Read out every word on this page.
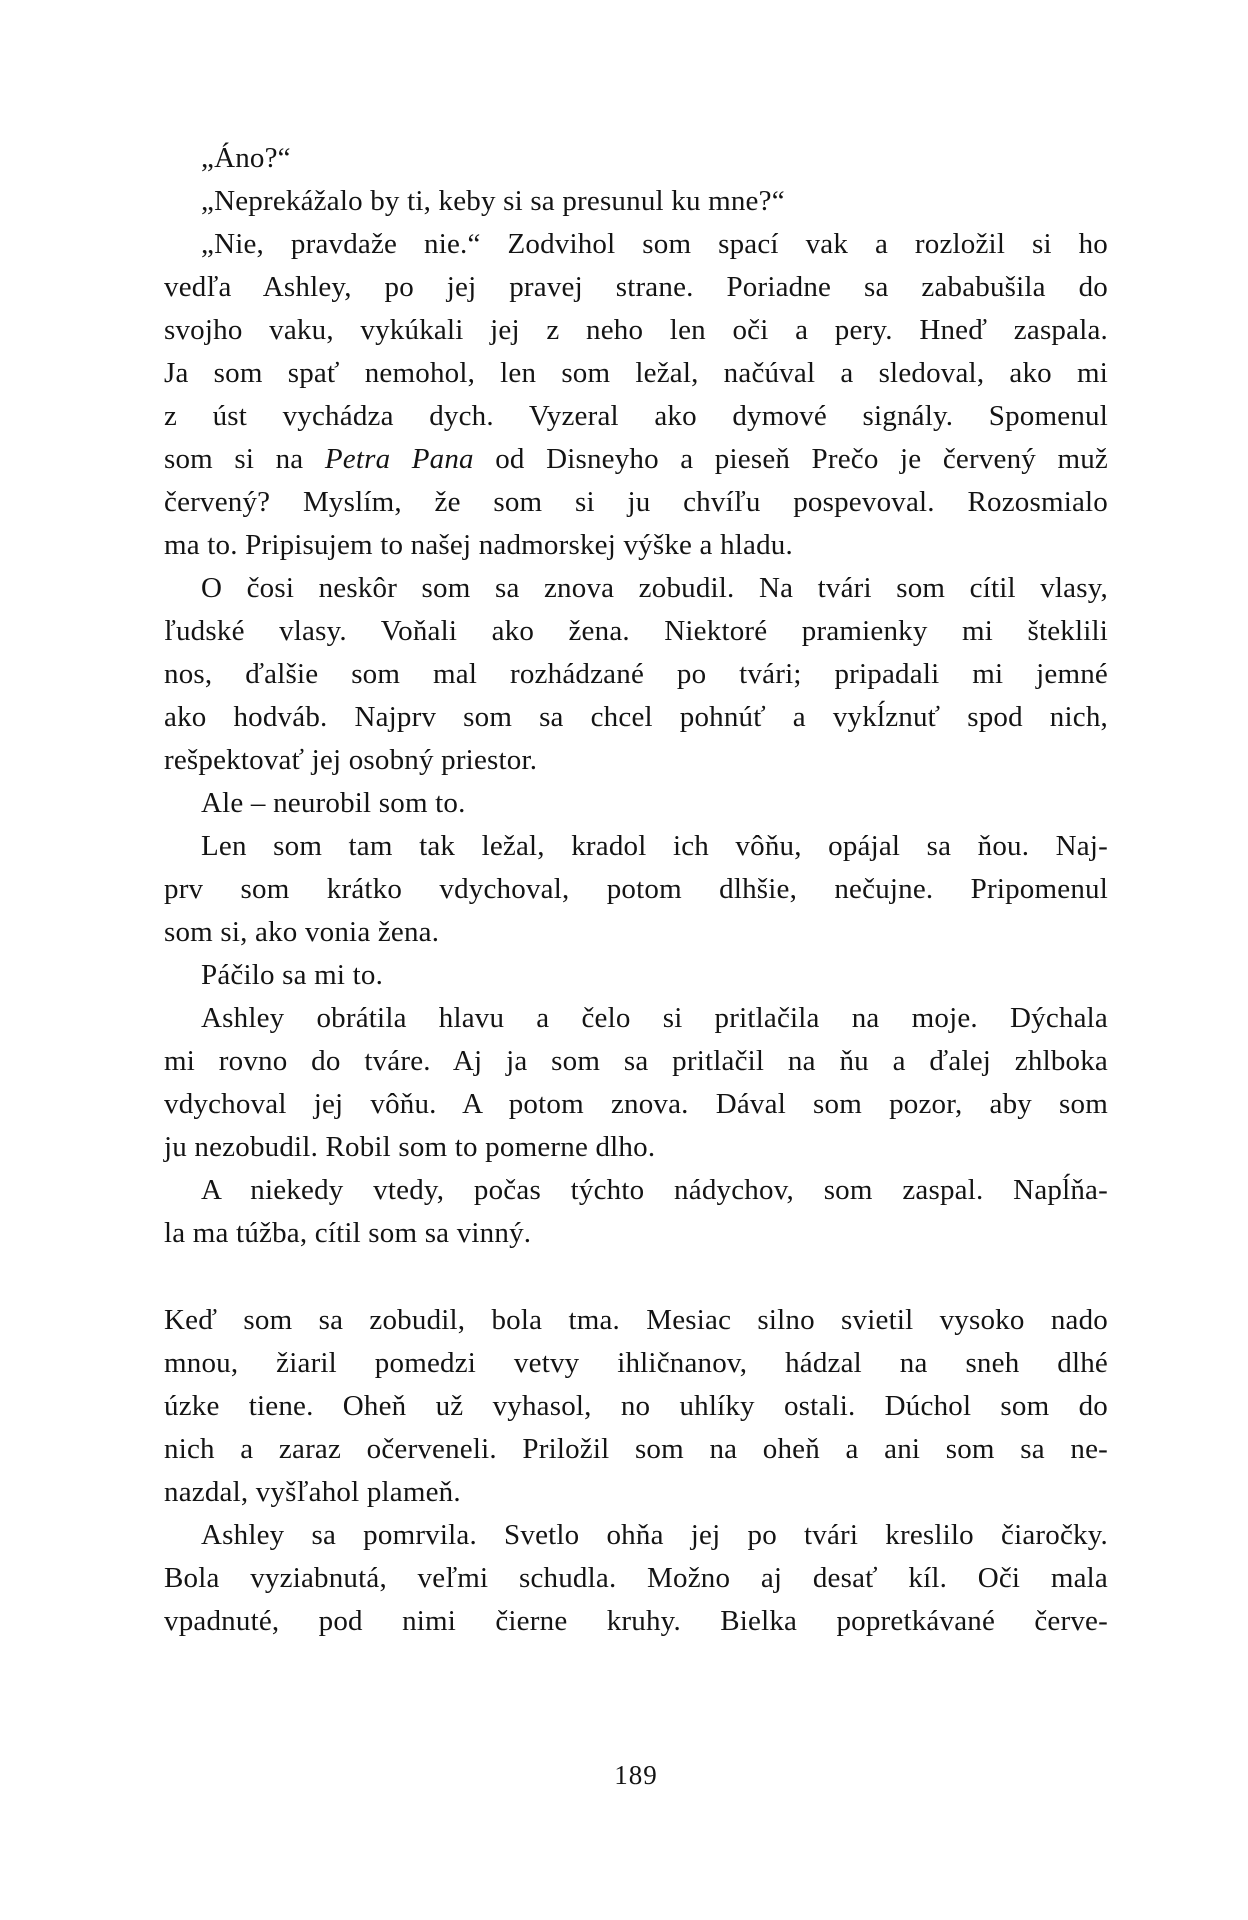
„Áno?“
„Neprekážalo by ti, keby si sa presunul ku mne?“
„Nie, pravdaže nie.“ Zodvihol som spací vak a rozložil si ho
vedľa Ashley, po jej pravej strane. Poriadne sa zababušila do
svojho vaku, vykúkali jej z neho len oči a pery. Hneď zaspala.
Ja som spať nemohol, len som ležal, načúval a sledoval, ako mi
z úst vychádza dych. Vyzeral ako dymové signály. Spomenul
som si na Petra Pana od Disneyho a pieseň Prečo je červený muž
červený? Myslím, že som si ju chvíľu pospevoval. Rozosmialo
ma to. Pripisujem to našej nadmorskej výške a hladu.
O čosi neskôr som sa znova zobudil. Na tvári som cítil vlasy,
ľudské vlasy. Voňali ako žena. Niektoré pramienky mi šteklili
nos, ďalšie som mal rozhádzané po tvári; pripadali mi jemné
ako hodváb. Najprv som sa chcel pohnúť a vykĺznuť spod nich,
rešpektovať jej osobný priestor.
Ale – neurobil som to.
Len som tam tak ležal, kradol ich vôňu, opájal sa ňou. Naj-
prv som krátko vdychoval, potom dlhšie, nečujne. Pripomenul
som si, ako vonia žena.
Páčilo sa mi to.
Ashley obrátila hlavu a čelo si pritlačila na moje. Dýchala
mi rovno do tváre. Aj ja som sa pritlačil na ňu a ďalej zhlboka
vdychoval jej vôňu. A potom znova. Dával som pozor, aby som
ju nezobudil. Robil som to pomerne dlho.
A niekedy vtedy, počas týchto nádychov, som zaspal. Napĺňa-
la ma túžba, cítil som sa vinný.
Keď som sa zobudil, bola tma. Mesiac silno svietil vysoko nado
mnou, žiaril pomedzi vetvy ihličnanov, hádzal na sneh dlhé
úzke tiene. Oheň už vyhasol, no uhlíky ostali. Dúchol som do
nich a zaraz očerveneli. Priložil som na oheň a ani som sa ne-
nazdal, vyšľahol plameň.
Ashley sa pomrvila. Svetlo ohňa jej po tvári kreslilo čiaročky.
Bola vyziabnutá, veľmi schudla. Možno aj desať kíl. Oči mala
vpadnuté, pod nimi čierne kruhy. Bielka popretkávané červe-
189
